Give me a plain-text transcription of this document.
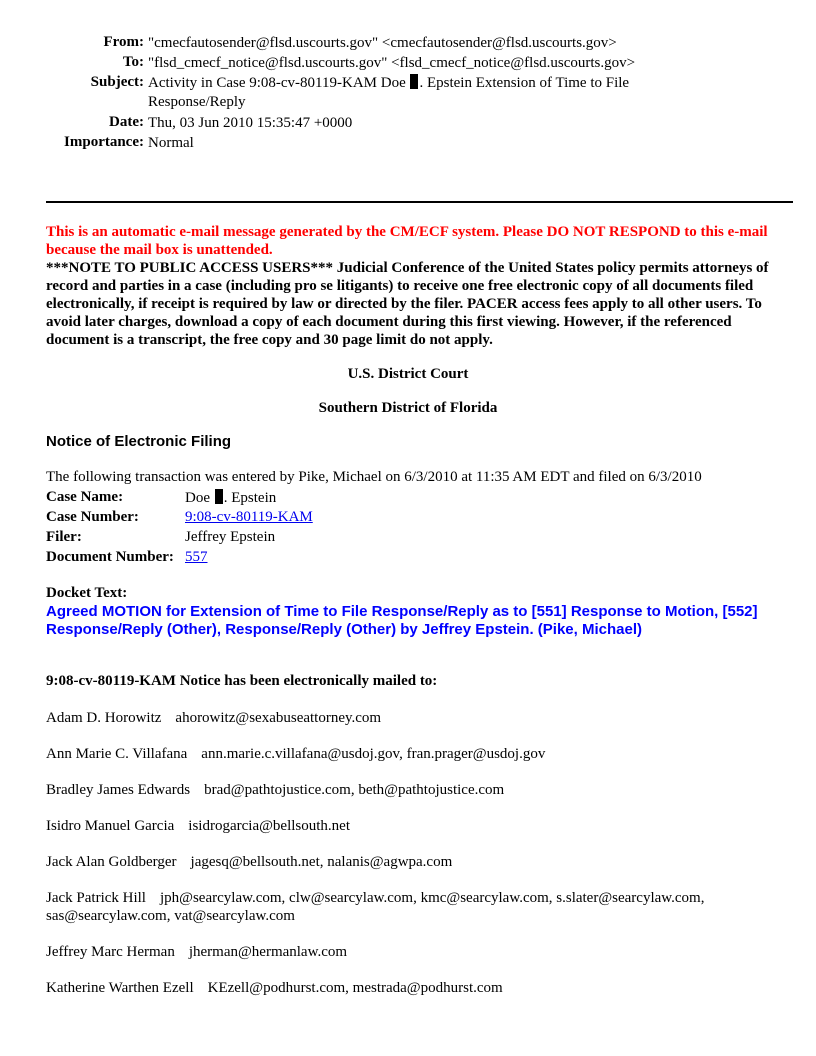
From: "cmecfautosender@flsd.uscourts.gov" <cmecfautosender@flsd.uscourts.gov>
To: "flsd_cmecf_notice@flsd.uscourts.gov" <flsd_cmecf_notice@flsd.uscourts.gov>
Subject: Activity in Case 9:08-cv-80119-KAM Doe . Epstein Extension of Time to File Response/Reply
Date: Thu, 03 Jun 2010 15:35:47 +0000
Importance: Normal
This is an automatic e-mail message generated by the CM/ECF system. Please DO NOT RESPOND to this e-mail because the mail box is unattended.
***NOTE TO PUBLIC ACCESS USERS*** Judicial Conference of the United States policy permits attorneys of record and parties in a case (including pro se litigants) to receive one free electronic copy of all documents filed electronically, if receipt is required by law or directed by the filer. PACER access fees apply to all other users. To avoid later charges, download a copy of each document during this first viewing. However, if the referenced document is a transcript, the free copy and 30 page limit do not apply.
U.S. District Court
Southern District of Florida
Notice of Electronic Filing
The following transaction was entered by Pike, Michael on 6/3/2010 at 11:35 AM EDT and filed on 6/3/2010
Case Name:	Doe . Epstein
Case Number:	9:08-cv-80119-KAM
Filer:	Jeffrey Epstein
Document Number: 557
Docket Text:
Agreed MOTION for Extension of Time to File Response/Reply as to [551] Response to Motion, [552] Response/Reply (Other), Response/Reply (Other) by Jeffrey Epstein. (Pike, Michael)
9:08-cv-80119-KAM Notice has been electronically mailed to:
Adam D. Horowitz ahorowitz@sexabuseattorney.com
Ann Marie C. Villafana ann.marie.c.villafana@usdoj.gov, fran.prager@usdoj.gov
Bradley James Edwards brad@pathtojustice.com, beth@pathtojustice.com
Isidro Manuel Garcia isidrogarcia@bellsouth.net
Jack Alan Goldberger jagesq@bellsouth.net, nalanis@agwpa.com
Jack Patrick Hill jph@searcylaw.com, clw@searcylaw.com, kmc@searcylaw.com, s.slater@searcylaw.com, sas@searcylaw.com, vat@searcylaw.com
Jeffrey Marc Herman jherman@hermanlaw.com
Katherine Warthen Ezell KEzell@podhurst.com, mestrada@podhurst.com
